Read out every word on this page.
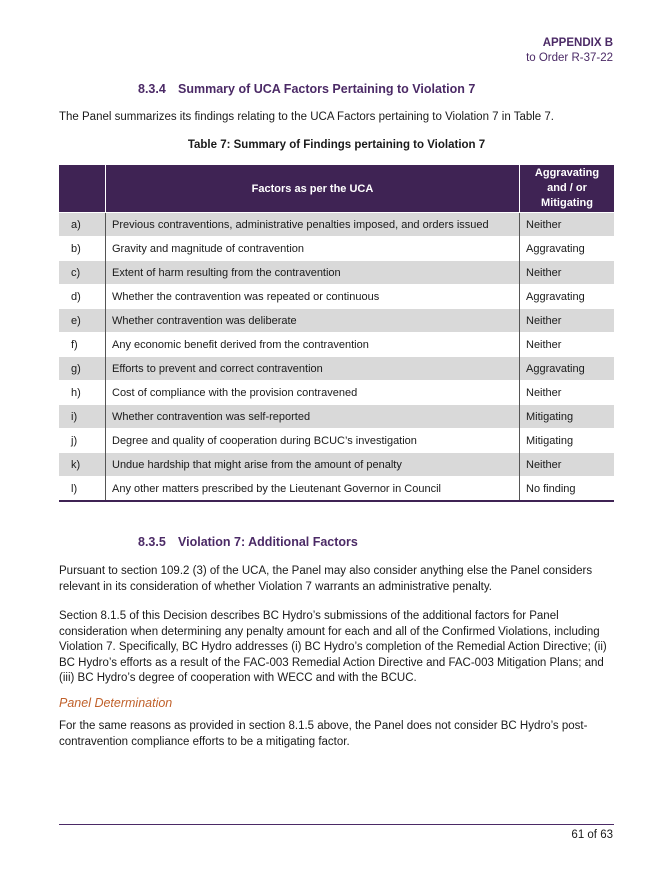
APPENDIX B
to Order R-37-22
8.3.4 Summary of UCA Factors Pertaining to Violation 7

The Panel summarizes its findings relating to the UCA Factors pertaining to Violation 7 in Table 7.

Table 7: Summary of Findings pertaining to Violation 7
	Factors as per the UCA	Aggravating and / or Mitigating
a)	Previous contraventions, administrative penalties imposed, and orders issued	Neither
b)	Gravity and magnitude of contravention	Aggravating
c)	Extent of harm resulting from the contravention	Neither
d)	Whether the contravention was repeated or continuous	Aggravating
e)	Whether contravention was deliberate	Neither
f)	Any economic benefit derived from the contravention	Neither
g)	Efforts to prevent and correct contravention	Aggravating
h)	Cost of compliance with the provision contravened	Neither
i)	Whether contravention was self-reported	Mitigating
j)	Degree and quality of cooperation during BCUC’s investigation	Mitigating
k)	Undue hardship that might arise from the amount of penalty	Neither
l)	Any other matters prescribed by the Lieutenant Governor in Council	No finding
8.3.5 Violation 7: Additional Factors

Pursuant to section 109.2 (3) of the UCA, the Panel may also consider anything else the Panel considers relevant in its consideration of whether Violation 7 warrants an administrative penalty.

Section 8.1.5 of this Decision describes BC Hydro’s submissions of the additional factors for Panel consideration when determining any penalty amount for each and all of the Confirmed Violations, including Violation 7. Specifically, BC Hydro addresses (i) BC Hydro’s completion of the Remedial Action Directive; (ii) BC Hydro’s efforts as a result of the FAC-003 Remedial Action Directive and FAC-003 Mitigation Plans; and (iii) BC Hydro’s degree of cooperation with WECC and with the BCUC.

Panel Determination

For the same reasons as provided in section 8.1.5 above, the Panel does not consider BC Hydro’s post-contravention compliance efforts to be a mitigating factor.

61 of 63
